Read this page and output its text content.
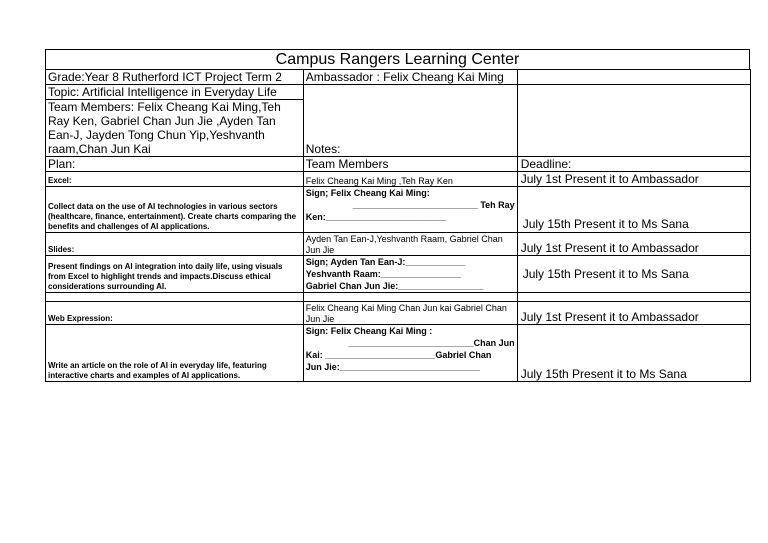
Campus Rangers Learning Center
Grade:Year 8 Rutherford ICT Project Term 2	Ambassador : Felix Cheang Kai Ming	
Topic: Artificial Intelligence in Everyday Life	Notes:	
Team Members: Felix Cheang Kai Ming,Teh Ray Ken, Gabriel Chan Jun Jie ,Ayden Tan Ean-J, Jayden Tong Chun Yip,Yeshvanth raam,Chan Jun Kai		
Plan:	Team Members	Deadline:
Excel:	Felix Cheang Kai Ming ,Teh Ray Ken	July 1st Present it to Ambassador
Collect data on the use of AI technologies in various sectors (healthcare, finance, entertainment). Create charts comparing the benefits and challenges of AI applications.	Sign; Felix Cheang Kai Ming:
_________________________ Teh Ray
Ken:________________________	July 15th Present it to Ms Sana
Slides:	Ayden Tan Ean-J,Yeshvanth Raam, Gabriel Chan Jun Jie	July 1st Present it to Ambassador
Present findings on AI integration into daily life, using visuals from Excel to highlight trends and impacts.Discuss ethical considerations surrounding AI.	Sign; Ayden Tan Ean-J:____________
Yeshvanth Raam:________________
Gabriel Chan Jun Jie:_________________	July 15th Present it to Ms Sana

Web Expression:	Felix Cheang Kai Ming Chan Jun kai Gabriel Chan Jun Jie	July 1st Present it to Ambassador
Write an article on the role of AI in everyday life, featuring interactive charts and examples of AI applications.	Sign: Felix Cheang Kai Ming :
_________________________Chan Jun
Kai: ______________________Gabriel Chan
Jun Jie:____________________________	July 15th Present it to Ms Sana
